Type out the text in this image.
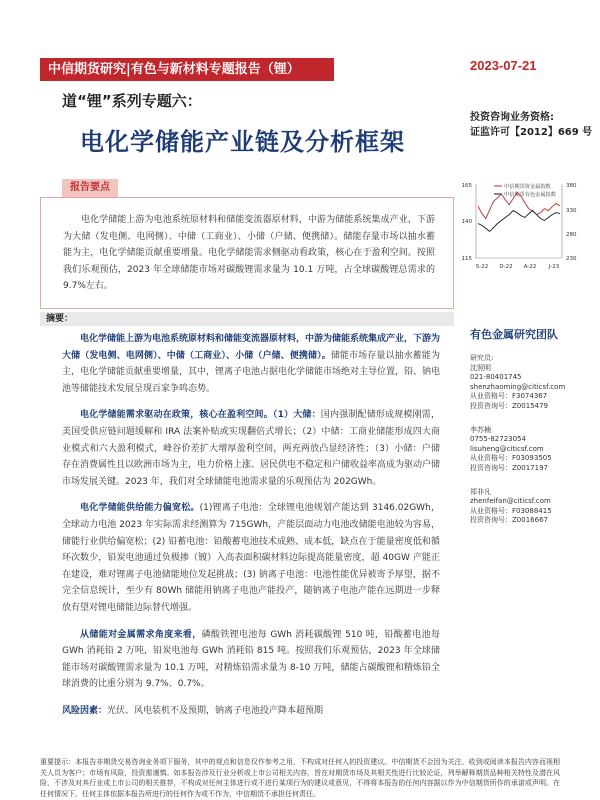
中信期货研究|有色与新材料专题报告（锂）	2023-07-21
道“锂”系列专题六：
电化学储能产业链及分析框架
投资咨询业务资格:
证监许可【2012】669 号
报告要点

电化学储能上游为电池系统原材料和储能变流器原材料，中游为储能系统集成产业，下游为大储（发电侧、电网侧）、中储（工商业）、小储（户储、便携储）。储能存量市场以抽水蓄能为主，电化学储能贡献重要增量。电化学储能需求侧驱动看政策，核心在于盈利空间。按照我们乐观预估，2023 年全球储能市场对碳酸锂需求量为 10.1 万吨，占全球碳酸锂总需求的 9.7%左右。

中信期货资金属指数
中信期货有色金属指数
165
140
115
380
330
280
230
S-22 D-22 A-22 J-23
摘要：

电化学储能上游为电池系统原材料和储能变流器原材料，中游为储能系统集成产业，下游为大储（发电侧、电网侧）、中储（工商业）、小储（户储、便携储）。储能市场存量以抽水蓄能为主，电化学储能贡献重要增量，其中，锂离子电池占据电化学储能市场绝对主导位置，铅、钠电池等储能技术发展呈现百家争鸣态势。

电化学储能需求驱动在政策，核心在盈利空间。（1）大储：国内强制配储形成规模刚需，美国受供应链问题缓解和 IRA 法案补贴或实现翻倍式增长；（2）中储：工商业储能形成四大商业模式和六大盈利模式，峰谷价差扩大增厚盈利空间，两充两放凸显经济性；（3）小储：户储存在消费属性且以欧洲市场为主，电力价格上涨、居民供电不稳定和户储收益率高成为驱动户储市场发展关键。2023 年，我们对全球储能电池需求量的乐观预估为 202GWh。

电化学储能供给能力偏宽松。(1)锂离子电池：全球锂电池规划产能达到 3146.02GWh，全球动力电池 2023 年实际需求经测算为 715GWh，产能层面动力电池改储能电池较为容易，储能行业供给偏宽松；(2) 铅蓄电池：铅酸蓄电池技术成熟、成本低，缺点在于能量密度低和循环次数少，铅炭电池通过负极掺（镀）入高表面积碳材料边际提高能量密度，超 40GW 产能正在建设，难对锂离子电池储能地位发起挑战；(3) 钠离子电池：电池性能优异被寄予厚望，据不完全信息统计，至少有 80Wh 储能用钠离子电池产能投产，随钠离子电池产能在远期进一步释放有望对锂电储能边际替代增强。

从储能对金属需求角度来看，磷酸铁锂电池每 GWh 消耗碳酸锂 510 吨，铅酸蓄电池每 GWh 消耗铅 2 万吨，铅炭电池每 GWh 消耗铅 815 吨。按照我们乐观预估，2023 年全球储能市场对碳酸锂需求量为 10.1 万吨，对精炼铅需求量为 8-10 万吨，储能占碳酸锂和精炼铅全球消费的比重分别为 9.7%、0.7%。

风险因素：光伏、风电装机不及预期，钠离子电池投产降本超预期

有色金属研究团队
研究员:
沈照明
021-80401745
shenzhaoming@citicsf.com
从业资格号：F3074367
投资咨询号：Z0015479
李苏楠
0755-82723054
lisuheng@citicsf.com
从业资格号：F03093505
投资咨询号：Z0017197
郑非凡
zhenfeifan@citicsf.com
从业资格号：F03088415
投资咨询号：Z0016667
重要提示：本报告非期货交易咨询业务项下服务，其中的观点和信息仅作参考之用，不构成对任何人的投资建议。中信期货不会因为关注、收到或阅读本报告内容而视相关人员为客户；市场有风险，投资需谨慎。如本报告涉及行业分析或上市公司相关内容，旨在对期货市场及其相关性进行比较论证，列举解释期货品种相关特性及潜在风险，不涉及对其行业或上市公司的相关推荐，不构成对任何主体进行或不进行某项行为的建议或意见，不得将本报告的任何内容据以作为中信期货所作的承诺或声明。在任何情况下，任何主体依据本报告所进行的任何作为或不作为，中信期货不承担任何责任。
